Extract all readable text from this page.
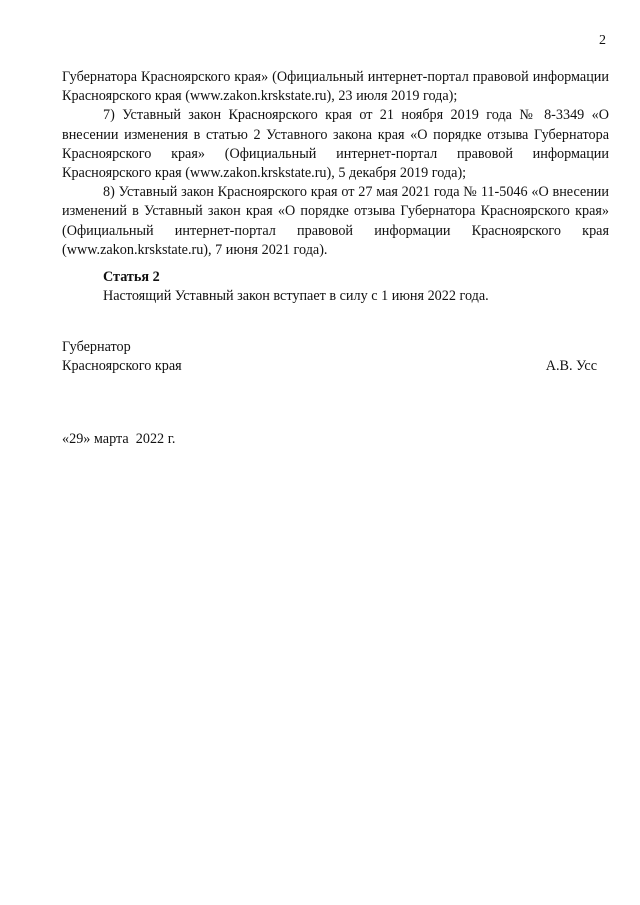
2

Губернатора Красноярского края» (Официальный интернет-портал правовой информации Красноярского края (www.zakon.krskstate.ru), 23 июля 2019 года);

7) Уставный закон Красноярского края от 21 ноября 2019 года № 8-3349 «О внесении изменения в статью 2 Уставного закона края «О порядке отзыва Губернатора Красноярского края» (Официальный интернет-портал правовой информации Красноярского края (www.zakon.krskstate.ru), 5 декабря 2019 года);

8) Уставный закон Красноярского края от 27 мая 2021 года № 11-5046 «О внесении изменений в Уставный закон края «О порядке отзыва Губернатора Красноярского края» (Официальный интернет-портал правовой информации Красноярского края (www.zakon.krskstate.ru), 7 июня 2021 года).

Статья 2

Настоящий Уставный закон вступает в силу с 1 июня 2022 года.

Губернатор
Красноярского края	А.В. Усс
«29» марта  2022 г.
